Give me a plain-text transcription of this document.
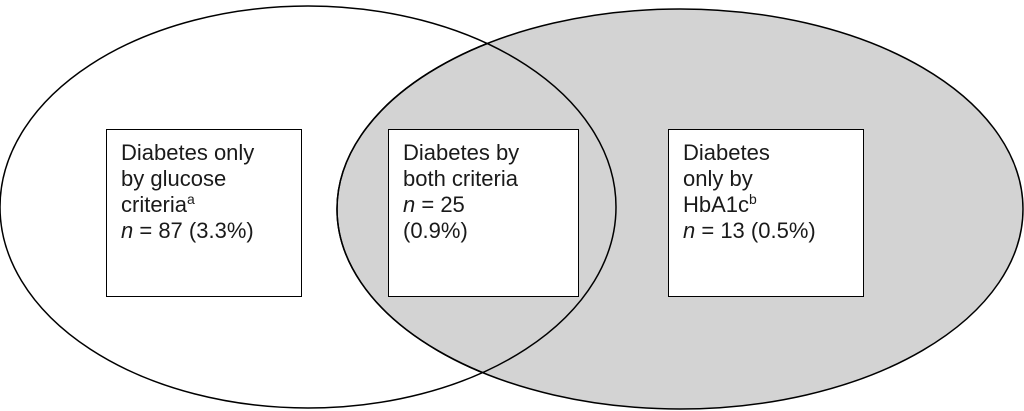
Diabetes only
by glucose
criteria$^a$
n = 87 (3.3%)
Diabetes by
both criteria
n = 25
(0.9%)
Diabetes
only by
$HbA1c^b$
n = 13 (0.5%)
